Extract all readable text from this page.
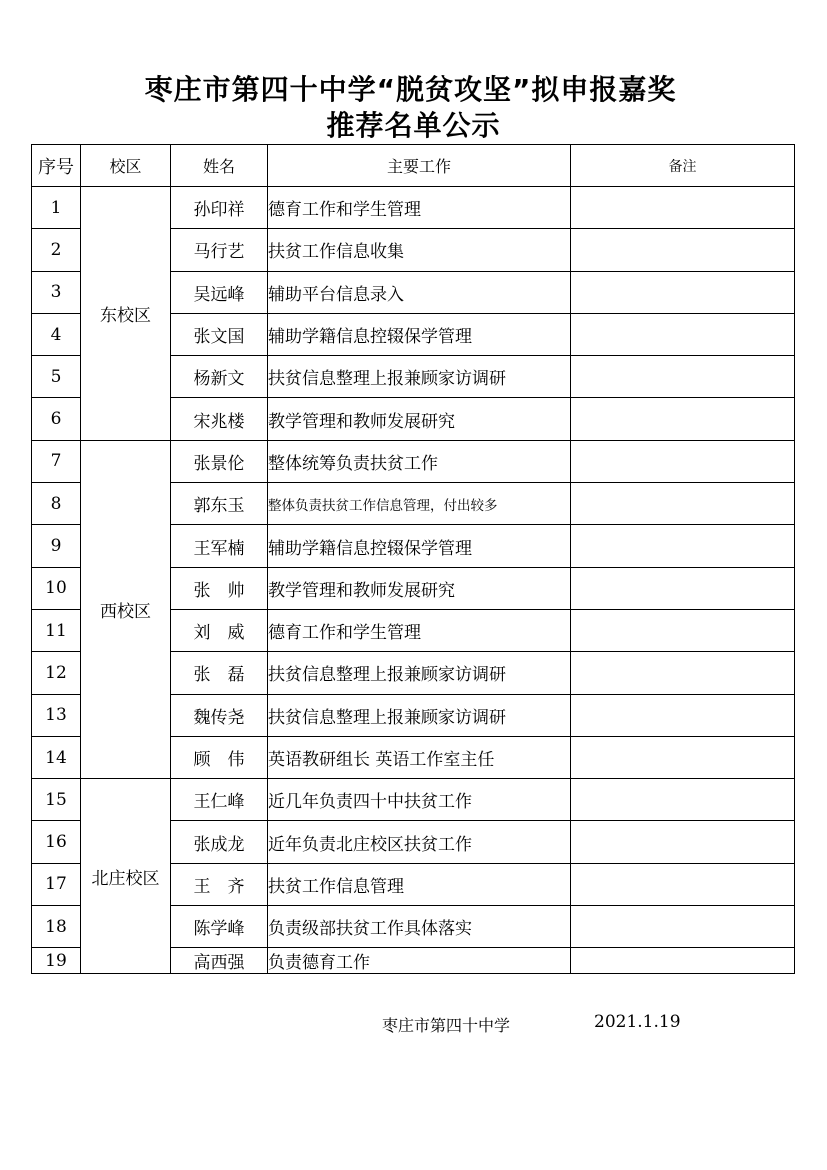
枣庄市第四十中学“脱贫攻坚”拟申报嘉奖
推荐名单公示
序号	校区	姓名	主要工作	备注
1	东校区	孙印祥	德育工作和学生管理	
2		马行艺	扶贫工作信息收集	
3		吴远峰	辅助平台信息录入	
4		张文国	辅助学籍信息控辍保学管理	
5		杨新文	扶贫信息整理上报兼顾家访调研	
6		宋兆楼	教学管理和教师发展研究	
7	西校区	张景伦	整体统筹负责扶贫工作	
8		郭东玉	整体负责扶贫工作信息管理，付出较多	
9		王军楠	辅助学籍信息控辍保学管理	
10		张　帅	教学管理和教师发展研究	
11		刘　威	德育工作和学生管理	
12		张　磊	扶贫信息整理上报兼顾家访调研	
13		魏传尧	扶贫信息整理上报兼顾家访调研	
14		顾　伟	英语教研组长 英语工作室主任	
15	北庄校区	王仁峰	近几年负责四十中扶贫工作	
16		张成龙	近年负责北庄校区扶贫工作	
17		王　齐	扶贫工作信息管理	
18		陈学峰	负责级部扶贫工作具体落实	
19		高西强	负责德育工作	
枣庄市第四十中学	2021.1.19
